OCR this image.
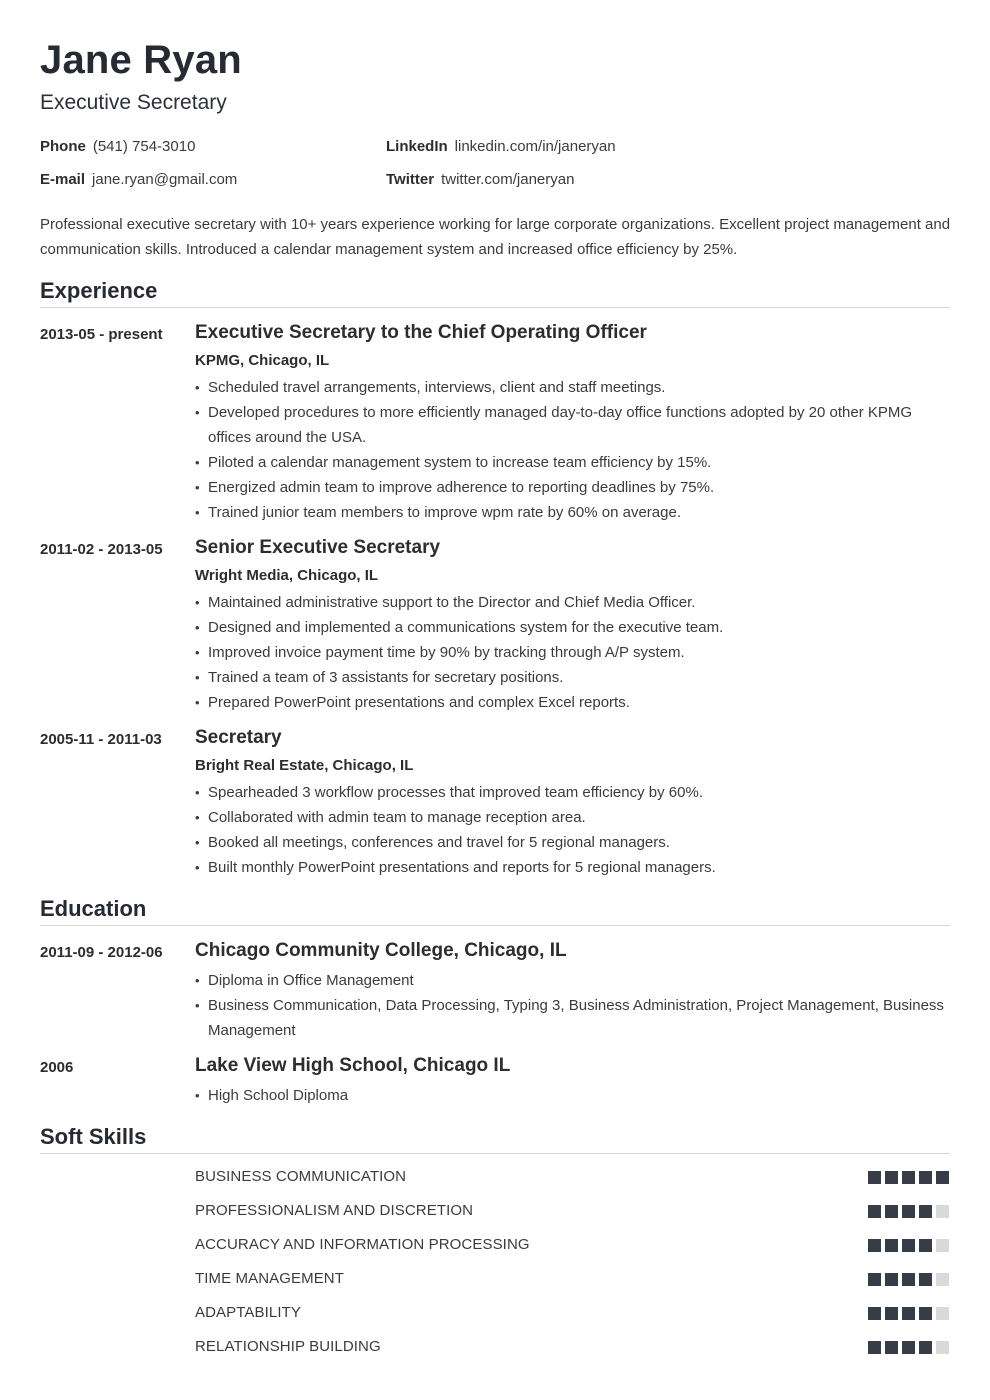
Jane Ryan
Executive Secretary
Phone (541) 754-3010
E-mail jane.ryan@gmail.com
LinkedIn linkedin.com/in/janeryan
Twitter twitter.com/janeryan
Professional executive secretary with 10+ years experience working for large corporate organizations. Excellent project management and communication skills. Introduced a calendar management system and increased office efficiency by 25%.
Experience
2013-05 - present Executive Secretary to the Chief Operating Officer
KPMG, Chicago, IL
• Scheduled travel arrangements, interviews, client and staff meetings.
• Developed procedures to more efficiently managed day-to-day office functions adopted by 20 other KPMG offices around the USA.
• Piloted a calendar management system to increase team efficiency by 15%.
• Energized admin team to improve adherence to reporting deadlines by 75%.
• Trained junior team members to improve wpm rate by 60% on average.
2011-02 - 2013-05 Senior Executive Secretary
Wright Media, Chicago, IL
• Maintained administrative support to the Director and Chief Media Officer.
• Designed and implemented a communications system for the executive team.
• Improved invoice payment time by 90% by tracking through A/P system.
• Trained a team of 3 assistants for secretary positions.
• Prepared PowerPoint presentations and complex Excel reports.
2005-11 - 2011-03 Secretary
Bright Real Estate, Chicago, IL
• Spearheaded 3 workflow processes that improved team efficiency by 60%.
• Collaborated with admin team to manage reception area.
• Booked all meetings, conferences and travel for 5 regional managers.
• Built monthly PowerPoint presentations and reports for 5 regional managers.
Education
2011-09 - 2012-06 Chicago Community College, Chicago, IL
• Diploma in Office Management
• Business Communication, Data Processing, Typing 3, Business Administration, Project Management, Business Management
2006	Lake View High School, Chicago IL
• High School Diploma
Soft Skills
BUSINESS COMMUNICATION
PROFESSIONALISM AND DISCRETION
ACCURACY AND INFORMATION PROCESSING
TIME MANAGEMENT
ADAPTABILITY
RELATIONSHIP BUILDING
